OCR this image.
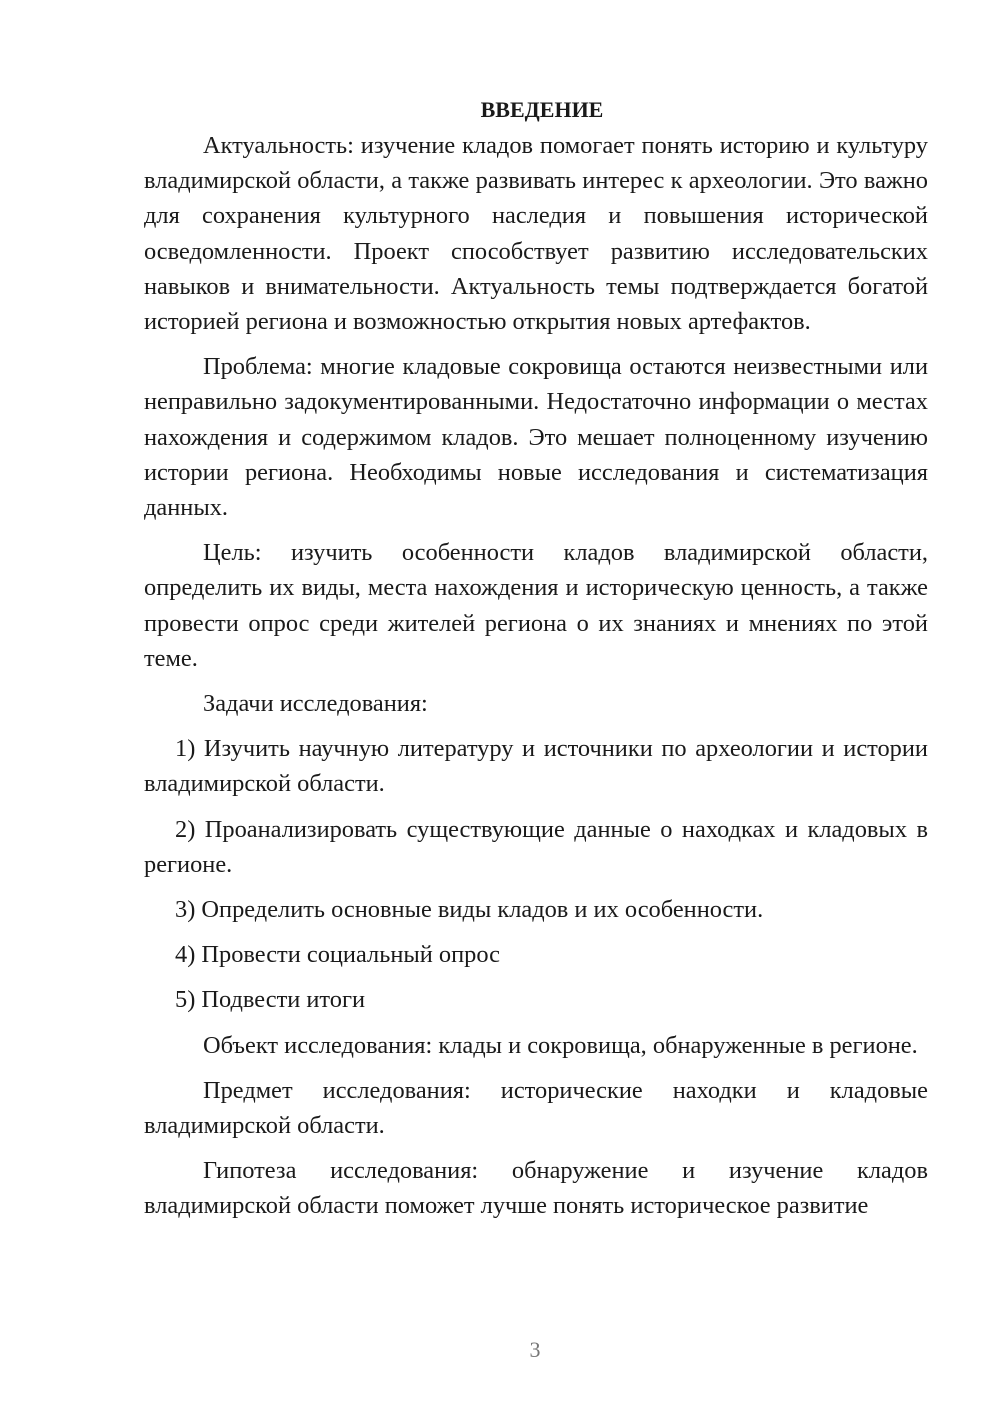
ВВЕДЕНИЕ

Актуальность: изучение кладов помогает понять историю и культуру владимирской области, а также развивать интерес к археологии. Это важно для сохранения культурного наследия и повышения исторической осведомленности. Проект способствует развитию исследовательских навыков и внимательности. Актуальность темы подтверждается богатой историей региона и возможностью открытия новых артефактов.

Проблема: многие кладовые сокровища остаются неизвестными или неправильно задокументированными. Недостаточно информации о местах нахождения и содержимом кладов. Это мешает полноценному изучению истории региона. Необходимы новые исследования и систематизация данных.

Цель: изучить особенности кладов владимирской области, определить их виды, места нахождения и историческую ценность, а также провести опрос среди жителей региона о их знаниях и мнениях по этой теме.

Задачи исследования:

1) Изучить научную литературу и источники по археологии и истории владимирской области.

2) Проанализировать существующие данные о находках и кладовых в регионе.

3) Определить основные виды кладов и их особенности.

4) Провести социальный опрос

5) Подвести итоги

Объект исследования: клады и сокровища, обнаруженные в регионе.

Предмет исследования: исторические находки и кладовые владимирской области.

Гипотеза исследования: обнаружение и изучение кладов владимирской области поможет лучше понять историческое развитие

3
